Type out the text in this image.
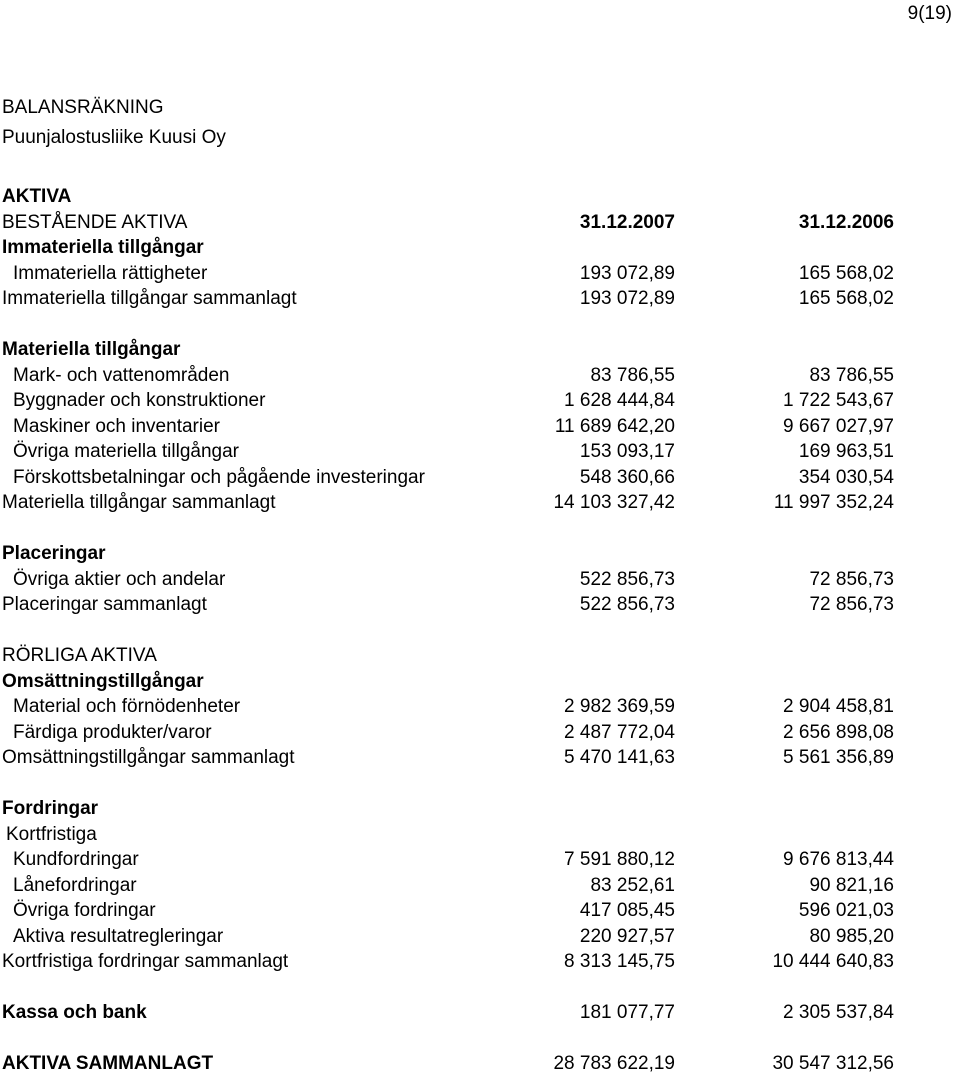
9(19)
BALANSRÄKNING
Puunjalostusliike Kuusi Oy
AKTIVA
BESTÅENDE AKTIVA	31.12.2007	31.12.2006
Immateriella tillgångar
Immateriella rättigheter	193 072,89	165 568,02
Immateriella tillgångar sammanlagt	193 072,89	165 568,02
Materiella tillgångar
Mark- och vattenområden	83 786,55	83 786,55
Byggnader och konstruktioner	1 628 444,84	1 722 543,67
Maskiner och inventarier	11 689 642,20	9 667 027,97
Övriga materiella tillgångar	153 093,17	169 963,51
Förskottsbetalningar och pågående investeringar	548 360,66	354 030,54
Materiella tillgångar sammanlagt	14 103 327,42	11 997 352,24
Placeringar
Övriga aktier och andelar	522 856,73	72 856,73
Placeringar sammanlagt	522 856,73	72 856,73
RÖRLIGA AKTIVA
Omsättningstillgångar
Material och förnödenheter	2 982 369,59	2 904 458,81
Färdiga produkter/varor	2 487 772,04	2 656 898,08
Omsättningstillgångar sammanlagt	5 470 141,63	5 561 356,89
Fordringar
Kortfristiga
Kundfordringar	7 591 880,12	9 676 813,44
Lånefordringar	83 252,61	90 821,16
Övriga fordringar	417 085,45	596 021,03
Aktiva resultatregleringar	220 927,57	80 985,20
Kortfristiga fordringar sammanlagt	8 313 145,75	10 444 640,83
Kassa och bank	181 077,77	2 305 537,84
AKTIVA SAMMANLAGT	28 783 622,19	30 547 312,56
